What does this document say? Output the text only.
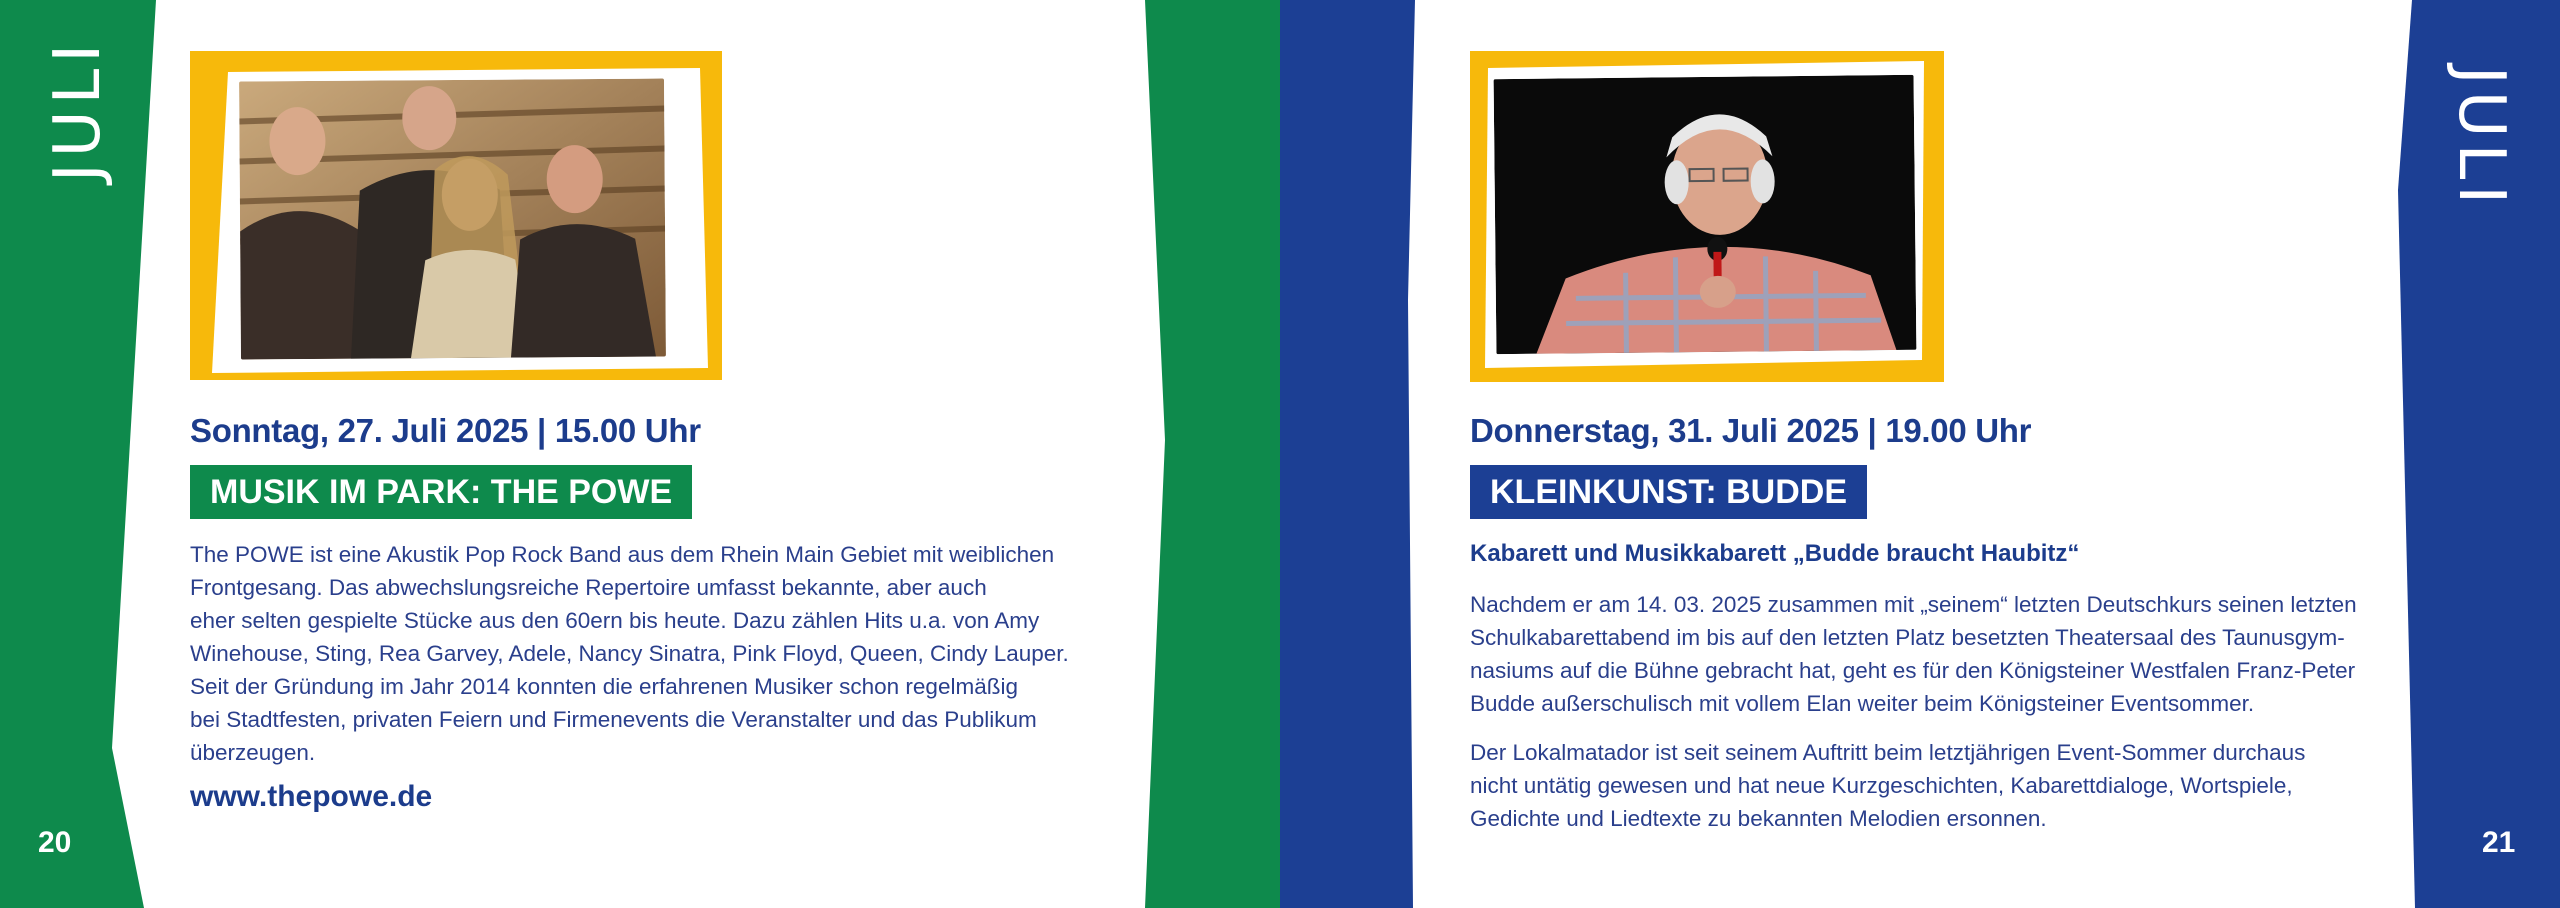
JULI
Sonntag, 27. Juli 2025 | 15.00 Uhr
MUSIK IM PARK: THE POWE

The POWE ist eine Akustik Pop Rock Band aus dem Rhein Main Gebiet mit weiblichen

Frontgesang. Das abwechslungsreiche Repertoire umfasst bekannte, aber auch

eher selten gespielte Stücke aus den 60ern bis heute. Dazu zählen Hits u.a. von Amy

Winehouse, Sting, Rea Garvey, Adele, Nancy Sinatra, Pink Floyd, Queen, Cindy Lauper.

Seit der Gründung im Jahr 2014 konnten die erfahrenen Musiker schon regelmäßig

bei Stadtfesten, privaten Feiern und Firmenevents die Veranstalter und das Publikum

überzeugen.

www.thepowe.de
20
Donnerstag, 31. Juli 2025 | 19.00 Uhr
KLEINKUNST: BUDDE
Kabarett und Musikkabarett „Budde braucht Haubitz“

Nachdem er am 14. 03. 2025 zusammen mit „seinem“ letzten Deutschkurs seinen letzten

Schulkabarettabend im bis auf den letzten Platz besetzten Theatersaal des Taunusgym-

nasiums auf die Bühne gebracht hat, geht es für den Königsteiner Westfalen Franz-Peter

Budde außerschulisch mit vollem Elan weiter beim Königsteiner Eventsommer.

Der Lokalmatador ist seit seinem Auftritt beim letztjährigen Event-Sommer durchaus

nicht untätig gewesen und hat neue Kurzgeschichten, Kabarettdialoge, Wortspiele,

Gedichte und Liedtexte zu bekannten Melodien ersonnen.

JULI
21
